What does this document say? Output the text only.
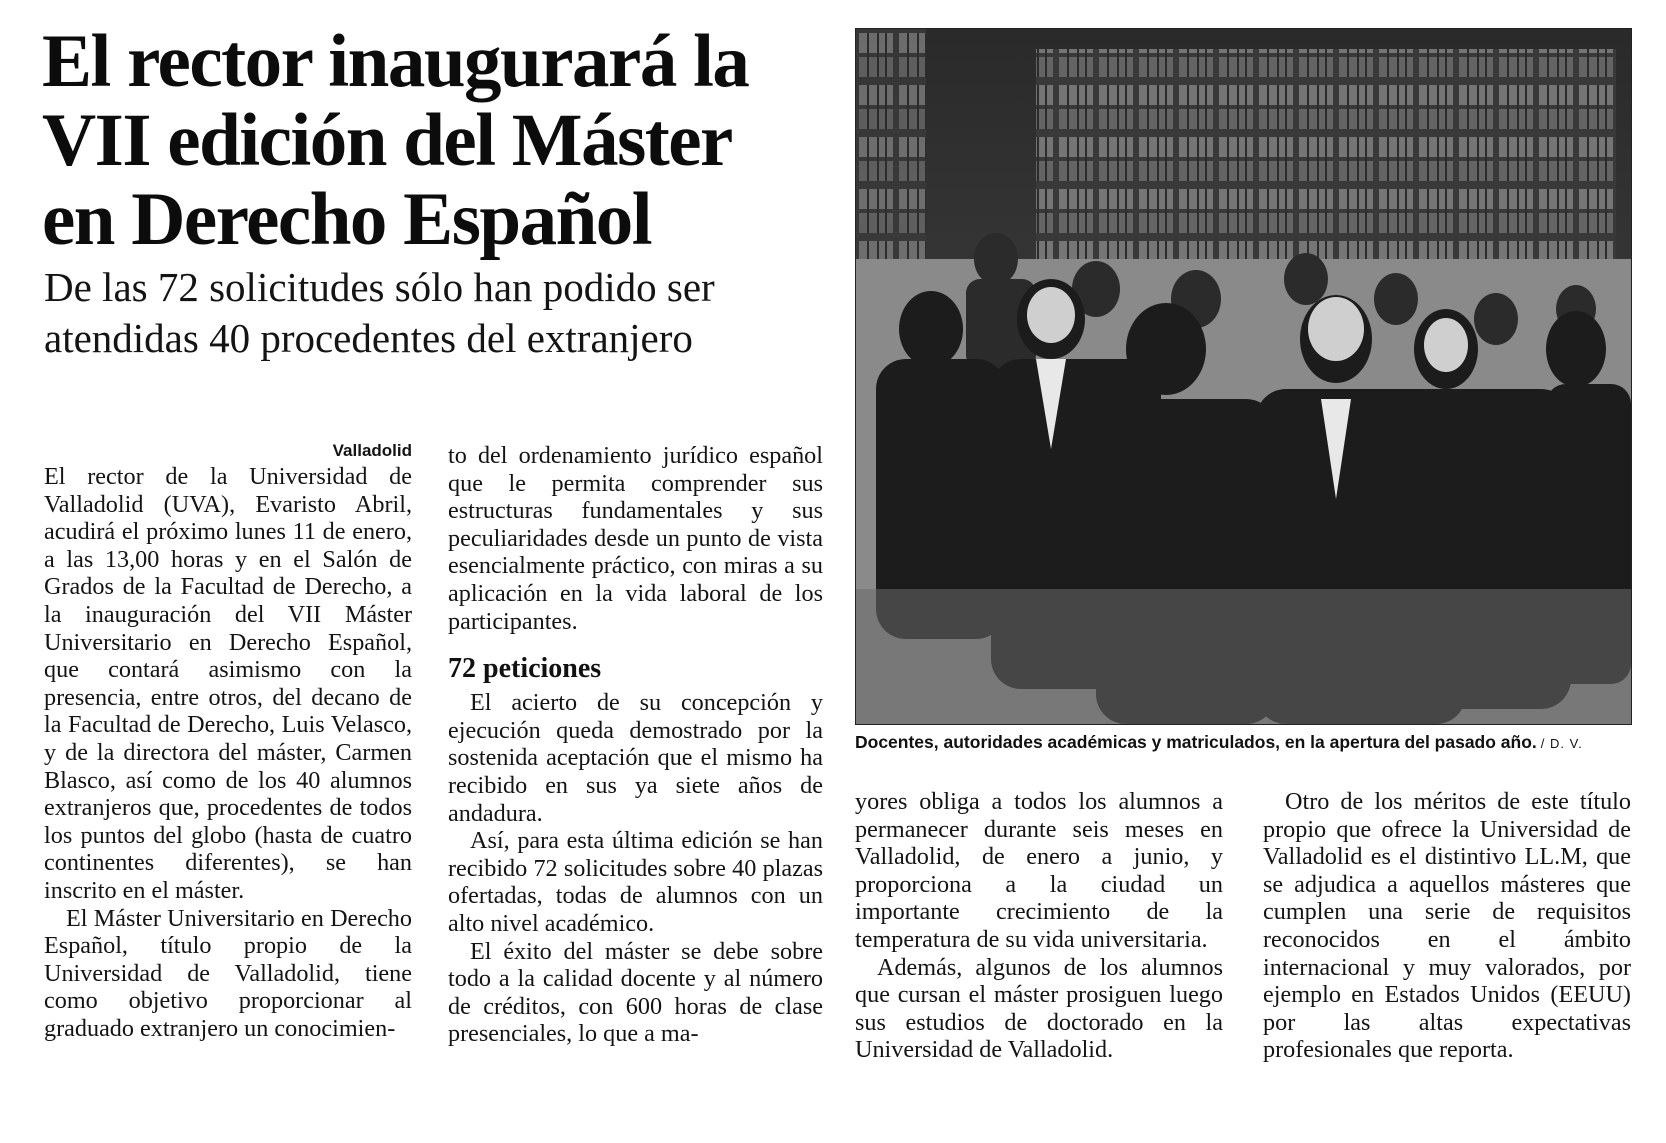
El rector inaugurará la
VII edición del Máster
en Derecho Español
De las 72 solicitudes sólo han podido ser
atendidas 40 procedentes del extranjero
Valladolid

El rector de la Universidad de Valladolid (UVA), Evaristo Abril, acudirá el próximo lunes 11 de enero, a las 13,00 horas y en el Salón de Grados de la Facultad de Derecho, a la inauguración del VII Máster Universitario en Derecho Español, que contará asimismo con la presencia, entre otros, del decano de la Facultad de Derecho, Luis Velasco, y de la directora del máster, Carmen Blasco, así como de los 40 alumnos extranjeros que, procedentes de todos los puntos del globo (hasta de cuatro continentes diferentes), se han inscrito en el máster.

El Máster Universitario en Derecho Español, título propio de la Universidad de Valladolid, tiene como objetivo proporcionar al graduado extranjero un conocimien-

to del ordenamiento jurídico español que le permita comprender sus estructuras fundamentales y sus peculiaridades desde un punto de vista esencialmente práctico, con miras a su aplicación en la vida laboral de los participantes.

72 peticiones

El acierto de su concepción y ejecución queda demostrado por la sostenida aceptación que el mismo ha recibido en sus ya siete años de andadura.

Así, para esta última edición se han recibido 72 solicitudes sobre 40 plazas ofertadas, todas de alumnos con un alto nivel académico.

El éxito del máster se debe sobre todo a la calidad docente y al número de créditos, con 600 horas de clase presenciales, lo que a ma-

Docentes, autoridades académicas y matriculados, en la apertura del pasado año. / D. V.

yores obliga a todos los alumnos a permanecer durante seis meses en Valladolid, de enero a junio, y proporciona a la ciudad un importante crecimiento de la temperatura de su vida universitaria.

Además, algunos de los alumnos que cursan el máster prosiguen luego sus estudios de doctorado en la Universidad de Valladolid.

Otro de los méritos de este título propio que ofrece la Universidad de Valladolid es el distintivo LL.M, que se adjudica a aquellos másteres que cumplen una serie de requisitos reconocidos en el ámbito internacional y muy valorados, por ejemplo en Estados Unidos (EEUU) por las altas expectativas profesionales que reporta.
